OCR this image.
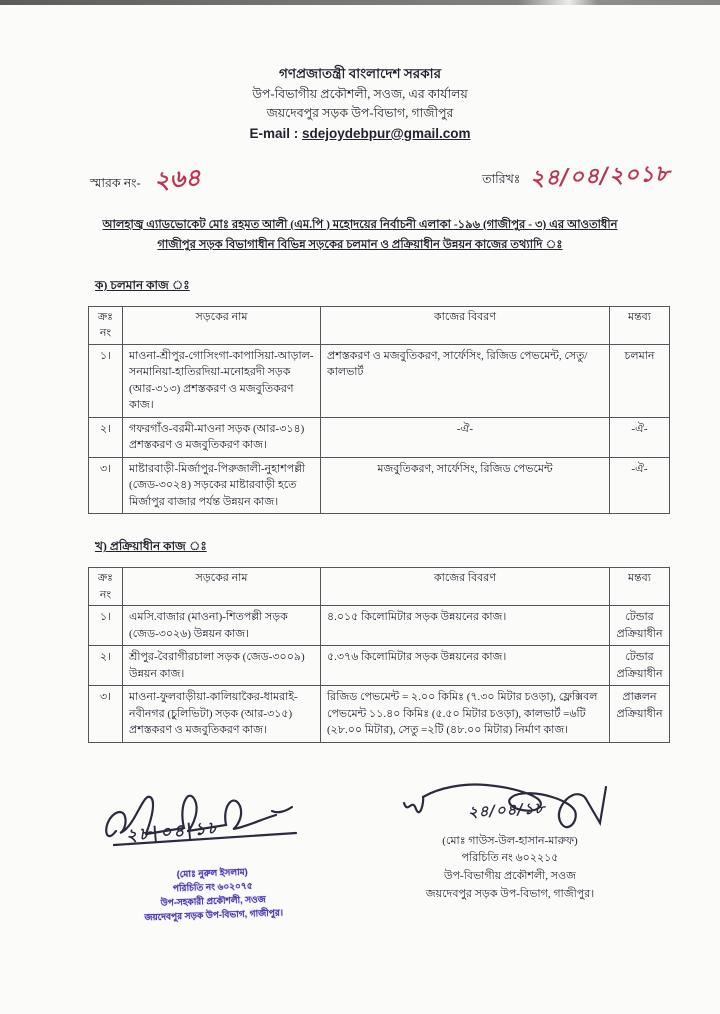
গণপ্রজাতন্ত্রী বাংলাদেশ সরকার
উপ-বিভাগীয় প্রকৌশলী, সওজ, এর কার্যালয়
জয়দেবপুর সড়ক উপ-বিভাগ, গাজীপুর
E-mail : sdejoydebpur@gmail.com
স্মারক নং- ২৬৪	তারিখঃ ২৪/০৪/২০১৮
আলহাজ্ব এ্যাডভোকেট মোঃ রহমত আলী (এম.পি ) মহোদয়ের নির্বাচনী এলাকা -১৯৬ (গাজীপুর - ৩) এর আওতাধীন
গাজীপুর সড়ক বিভাগাধীন বিভিন্ন সড়কের চলমান ও প্রক্রিয়াধীন উন্নয়ন কাজের তথ্যাদি ঃ
ক) চলমান কাজ ঃ
ক্রঃ নং	সড়কের নাম	কাজের বিবরণ	মন্তব্য
১।	মাওনা-শ্রীপুর-গোসিংগা-কাপাসিয়া-আড়াল-সনমানিয়া-হাতিরদিয়া-মনোহরদী সড়ক (আর-৩১৩) প্রশস্তকরণ ও মজবুতিকরণ কাজ।	প্রশস্তকরণ ও মজবুতিকরণ, সার্ফেসিং, রিজিড পেভমেন্ট, সেতু/কালভার্ট	চলমান
২।	গফরগাঁও-বরমী-মাওনা সড়ক (আর-৩১৪) প্রশস্তকরণ ও মজবুতিকরণ কাজ।	-ঐ-	-ঐ-
৩।	মাষ্টারবাড়ী-মির্জাপুর-পিরুজালী-নুহাশপল্লী (জেড-৩০২৪) সড়কের মাষ্টারবাড়ী হতে মির্জাপুর বাজার পর্যন্ত উন্নয়ন কাজ।	মজবুতিকরণ, সার্ফেসিং, রিজিড পেভমেন্ট	-ঐ-
খ) প্রক্রিয়াধীন কাজ ঃ
ক্রঃ নং	সড়কের নাম	কাজের বিবরণ	মন্তব্য
১।	এমসি.বাজার (মাওনা)-শিতপল্লী সড়ক (জেড-৩০২৬) উন্নয়ন কাজ।	৪.০১৫ কিলোমিটার সড়ক উন্নয়নের কাজ।	টেন্ডার প্রক্রিয়াধীন
২।	শ্রীপুর-বৈরাগীরচালা সড়ক (জেড-৩০০৯) উন্নয়ন কাজ।	৫.৩৭৬ কিলোমিটার সড়ক উন্নয়নের কাজ।	টেন্ডার প্রক্রিয়াধীন
৩।	মাওনা-ফুলবাড়ীয়া-কালিয়াকৈর-ধামরাই-নবীনগর (চুলিভিটা) সড়ক (আর-৩১৫) প্রশস্তকরণ ও মজবুতিকরণ কাজ।	রিজিড পেভমেন্ট = ২.০০ কিমিঃ (৭.৩০ মিটার চওড়া), ফ্লেক্সিবল পেভমেন্ট ১১.৪০ কিমিঃ (৫.৫০ মিটার চওড়া), কালভার্ট =৬টি (২৮.০০ মিটার), সেতু =২টি (৪৮.০০ মিটার) নির্মাণ কাজ।	প্রাক্কলন প্রক্রিয়াধীন
২৮|০৪|১৮
(মোঃ নুরুল ইসলাম)
পরিচিতি নং ৬০২০৭৫
উপ-সহকারী প্রকৌশলী, সওজ
জয়দেবপুর সড়ক উপ-বিভাগ, গাজীপুর।
২৪/০৪/১৮
(মোঃ গাউস-উল-হাসান-মারুফ)
পরিচিতি নং ৬০২২১৫
উপ-বিভাগীয় প্রকৌশলী, সওজ
জয়দেবপুর সড়ক উপ-বিভাগ, গাজীপুর।
